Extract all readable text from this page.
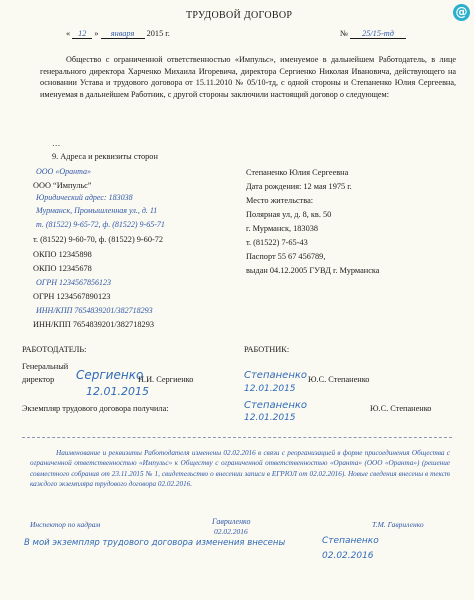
@
ТРУДОВОЙ ДОГОВОР
« 12 » января 2015 г.	№ 25/15-тд
Общество с ограниченной ответственностью «Импульс», именуемое в дальнейшем Работодатель, в лице генерального директора Харченко Михаила Игоревича, директора Сергиенко Николая Ивановича, действующего на основании Устава и трудового договора от 15.11.2010 № 05/10-тд, с одной стороны и Степаненко Юлия Сергеевна, именуемая в дальнейшем Работник, с другой стороны заключили настоящий договор о следующем:
…
9. Адреса и реквизиты сторон
ООО «Оранта»
ООО “Импульс”
Юридический адрес: 183038
Мурманск, Промышленная ул., д. 11
т. (81522) 9-65-72, ф. (81522) 9-65-71
т. (81522) 9-60-70, ф. (81522) 9-60-72
ОКПО 12345898
ОКПО 12345678
ОГРН 1234567856123
ОГРН 1234567890123
ИНН/КПП 7654839201/382718293
ИНН/КПП 7654839201/382718293
Степаненко Юлия Сергеевна
Дата рождения: 12 мая 1975 г.
Место жительства:
Полярная ул, д. 8, кв. 50
г. Мурманск, 183038
т. (81522) 7-65-43
Паспорт 55 67 456789,
выдан 04.12.2005 ГУВД г. Мурманска
РАБОТОДАТЕЛЬ:	РАБОТНИК:
Генеральный
директор Сергиенко
Н.И. Сергиенко
12.01.2015
Степаненко Ю.С. Степаненко
12.01.2015
Экземпляр трудового договора получила:	Степаненко
12.01.2015
Ю.С. Степаненко
Наименование и реквизиты Работодателя изменены 02.02.2016 в связи с реорганизацией в форме присоединения Общества с ограниченной ответственностью «Импульс» к Обществу с ограниченной ответственностью «Оранта» (ООО «Оранта») (решение совместного собрания от 23.11.2015 № 1, свидетельство о внесении записи в ЕГРЮЛ от 02.02.2016). Новые сведения внесены в текст каждого экземпляра трудового договора 02.02.2016.
Инспектор по кадрам	Гавриленко
02.02.2016
Т.М. Гавриленко
В мой экземпляр трудового договора изменения внесены	Степаненко
02.02.2016
